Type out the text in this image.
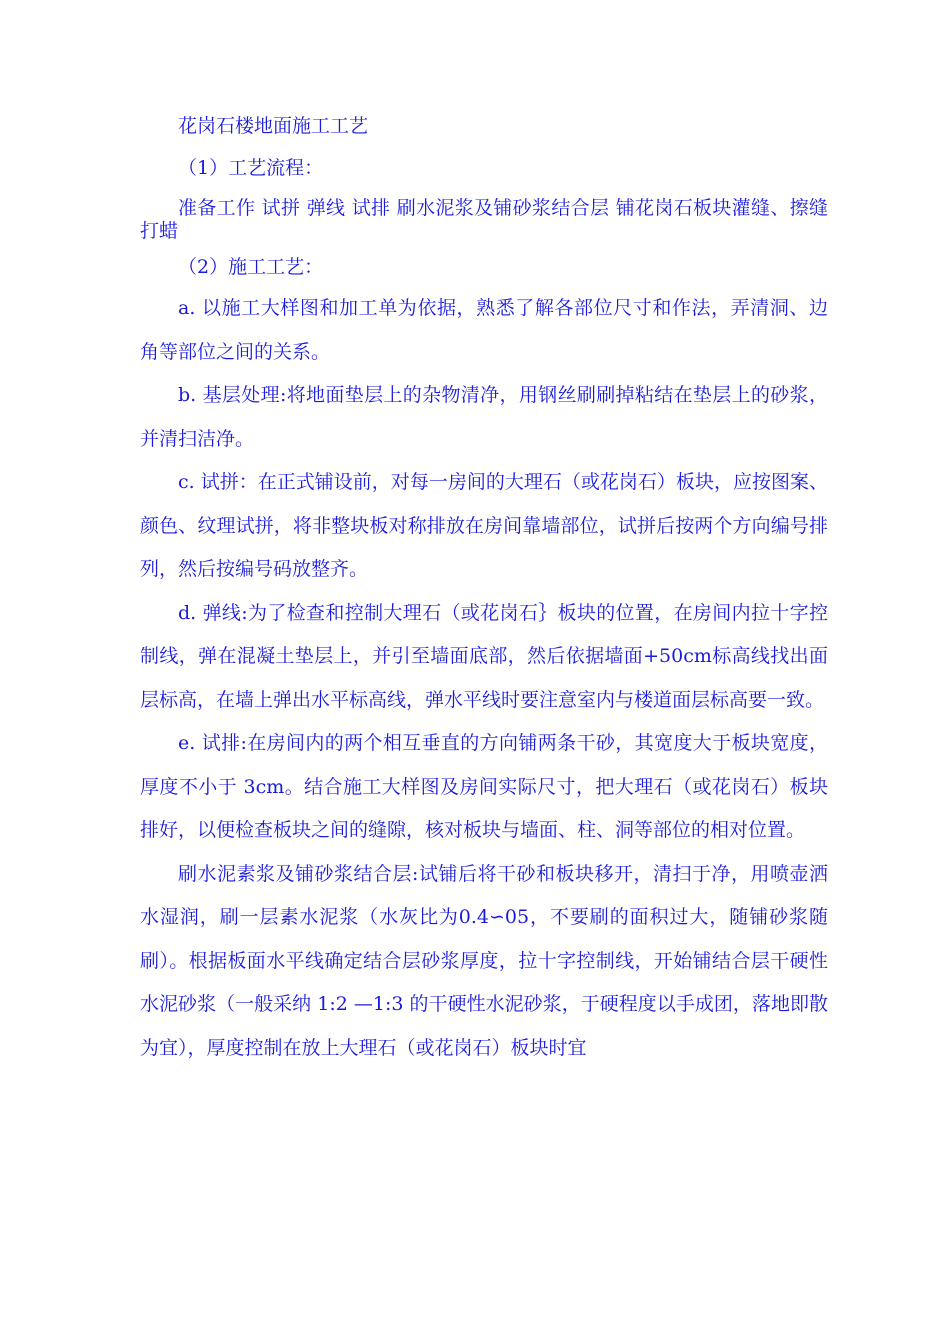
花岗石楼地面施工工艺

（1）工艺流程：

准备工作 试拼 弹线 试排 刷水泥浆及铺砂浆结合层 铺花岗石板块灌缝、擦缝打蜡

（2）施工工艺：

a. 以施工大样图和加工单为依据，熟悉了解各部位尺寸和作法，弄清洞、边角等部位之间的关系。

b. 基层处理:将地面垫层上的杂物清净，用钢丝刷刷掉粘结在垫层上的砂浆，并清扫洁净。

c. 试拼：在正式铺设前，对每一房间的大理石（或花岗石）板块，应按图案、颜色、纹理试拼，将非整块板对称排放在房间靠墙部位，试拼后按两个方向编号排列，然后按编号码放整齐。

d. 弹线:为了检查和控制大理石（或花岗石｝板块的位置，在房间内拉十字控制线，弹在混凝土垫层上，并引至墙面底部，然后依据墙面+50cm标高线找出面层标高，在墙上弹出水平标高线，弹水平线时要注意室内与楼道面层标高要一致。

e. 试排:在房间内的两个相互垂直的方向铺两条干砂，其宽度大于板块宽度，厚度不小于 3cm。结合施工大样图及房间实际尺寸，把大理石（或花岗石）板块排好，以便检查板块之间的缝隙，核对板块与墙面、柱、洞等部位的相对位置。

刷水泥素浆及铺砂浆结合层:试铺后将干砂和板块移开，清扫于净，用喷壶洒水湿润，刷一层素水泥浆（水灰比为0.4∽05，不要刷的面积过大，随铺砂浆随刷）。根据板面水平线确定结合层砂浆厚度，拉十字控制线，开始铺结合层干硬性水泥砂浆（一般采纳 1:2 —1:3 的干硬性水泥砂浆，于硬程度以手成团，落地即散为宜），厚度控制在放上大理石（或花岗石）板块时宜
